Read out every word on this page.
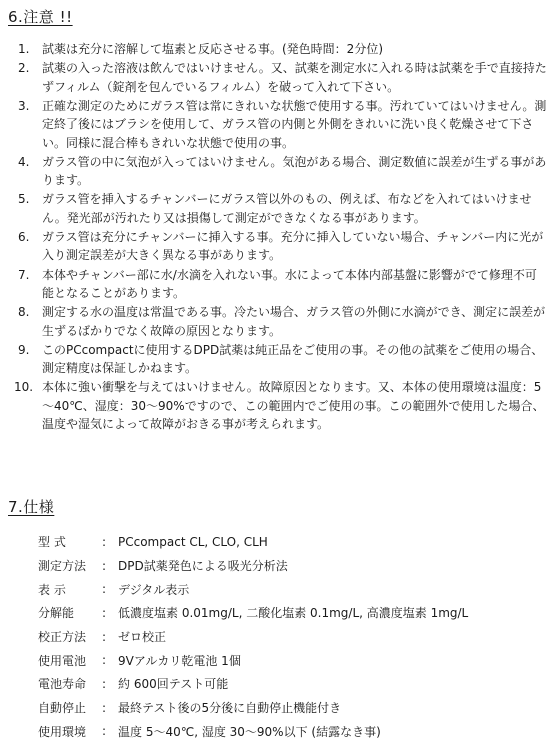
6.注意 !!
1.	試薬は充分に溶解して塩素と反応させる事。(発色時間：2分位)
2.	試薬の入った溶液は飲んではいけません。又、試薬を測定水に入れる時は試薬を手で直接持たずフィルム（錠剤を包んでいるフィルム）を破って入れて下さい。
3.	正確な測定のためにガラス管は常にきれいな状態で使用する事。汚れていてはいけません。測定終了後にはブラシを使用して、ガラス管の内側と外側をきれいに洗い良く乾燥させて下さい。同様に混合棒もきれいな状態で使用の事。
4.	ガラス管の中に気泡が入ってはいけません。気泡がある場合、測定数値に誤差が生ずる事があります。
5.	ガラス管を挿入するチャンバーにガラス管以外のもの、例えば、布などを入れてはいけません。発光部が汚れたり又は損傷して測定ができなくなる事があります。
6.	ガラス管は充分にチャンバーに挿入する事。充分に挿入していない場合、チャンバー内に光が入り測定誤差が大きく異なる事があります。
7.	本体やチャンバー部に水/水滴を入れない事。水によって本体内部基盤に影響がでて修理不可能となることがあります。
8.	測定する水の温度は常温である事。冷たい場合、ガラス管の外側に水滴ができ、測定に誤差が生ずるばかりでなく故障の原因となります。
9.	このPCcompactに使用するDPD試薬は純正品をご使用の事。その他の試薬をご使用の場合、測定精度は保証しかねます。
10. 本体に強い衝撃を与えてはいけません。故障原因となります。又、本体の使用環境は温度：5～40℃、湿度：30～90%ですので、この範囲内でご使用の事。この範囲外で使用した場合、温度や湿気によって故障がおきる事が考えられます。
7.仕様
型 式	:	PCcompact CL, CLO, CLH
測定方法	:	DPD試薬発色による吸光分析法
表 示	:	デジタル表示
分解能	:	低濃度塩素 0.01mg/L, 二酸化塩素 0.1mg/L, 高濃度塩素 1mg/L
校正方法	:	ゼロ校正
使用電池	:	9Vアルカリ乾電池 1個
電池寿命	:	約 600回テスト可能
自動停止	:	最終テスト後の5分後に自動停止機能付き
使用環境	:	温度 5～40℃, 湿度 30～90%以下 (結露なき事)
